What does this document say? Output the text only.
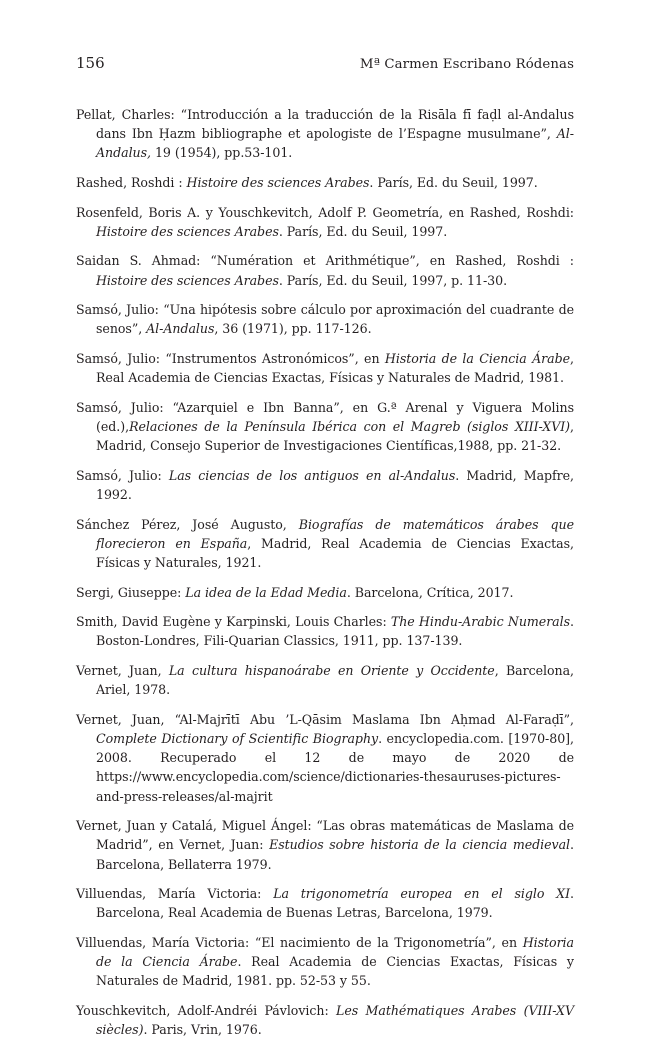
156	Mª Carmen Escribano Ródenas

Pellat, Charles: “Introducción a la traducción de la Risāla fī faḍl al-Andalus dans Ibn Ḥazm bibliographe et apologiste de l’Espagne musulmane”, Al-Andalus, 19 (1954), pp.53-101.

Rashed, Roshdi : Histoire des sciences Arabes. París, Ed. du Seuil, 1997.

Rosenfeld, Boris A. y Youschkevitch, Adolf P. Geometría, en Rashed, Roshdi: Histoire des sciences Arabes. París, Ed. du Seuil, 1997.

Saidan S. Ahmad: “Numération et Arithmétique”, en Rashed, Roshdi : Histoire des sciences Arabes. París, Ed. du Seuil, 1997, p. 11-30.

Samsó, Julio: “Una hipótesis sobre cálculo por aproximación del cuadrante de senos”, Al-Andalus, 36 (1971), pp. 117-126.

Samsó, Julio: “Instrumentos Astronómicos”, en Historia de la Ciencia Árabe, Real Academia de Ciencias Exactas, Físicas y Naturales de Madrid, 1981.

Samsó, Julio: “Azarquiel e Ibn Banna”, en G.ª Arenal y Viguera Molins (ed.),Relaciones de la Península Ibérica con el Magreb (siglos XIII-XVI), Madrid, Consejo Superior de Investigaciones Científicas,1988, pp. 21-32.

Samsó, Julio: Las ciencias de los antiguos en al-Andalus. Madrid, Mapfre, 1992.

Sánchez Pérez, José Augusto, Biografías de matemáticos árabes que florecieron en España, Madrid, Real Academia de Ciencias Exactas, Físicas y Naturales, 1921.

Sergi, Giuseppe: La idea de la Edad Media. Barcelona, Crítica, 2017.

Smith, David Eugène y Karpinski, Louis Charles: The Hindu-Arabic Numerals. Boston-Londres, Fili-Quarian Classics, 1911, pp. 137-139.

Vernet, Juan, La cultura hispanoárabe en Oriente y Occidente, Barcelona, Ariel, 1978.

Vernet, Juan, “Al-Majrītī Abu ’L-Qāsim Maslama Ibn Aḥmad Al-Faraḍī”, Complete Dictionary of Scientific Biography. encyclopedia.com. [1970-80], 2008. Recuperado el 12 de mayo de 2020 de https://www.encyclopedia.com/science/dictionaries-thesauruses-pictures-and-press-releases/al-majrit

Vernet, Juan y Catalá, Miguel Ángel: “Las obras matemáticas de Maslama de Madrid”, en Vernet, Juan: Estudios sobre historia de la ciencia medieval. Barcelona, Bellaterra 1979.

Villuendas, María Victoria: La trigonometría europea en el siglo XI. Barcelona, Real Academia de Buenas Letras, Barcelona, 1979.

Villuendas, María Victoria: “El nacimiento de la Trigonometría”, en Historia de la Ciencia Árabe. Real Academia de Ciencias Exactas, Físicas y Naturales de Madrid, 1981. pp. 52-53 y 55.

Youschkevitch, Adolf-Andréi Pávlovich: Les Mathématiques Arabes (VIII-XV siècles). Paris, Vrin, 1976.
